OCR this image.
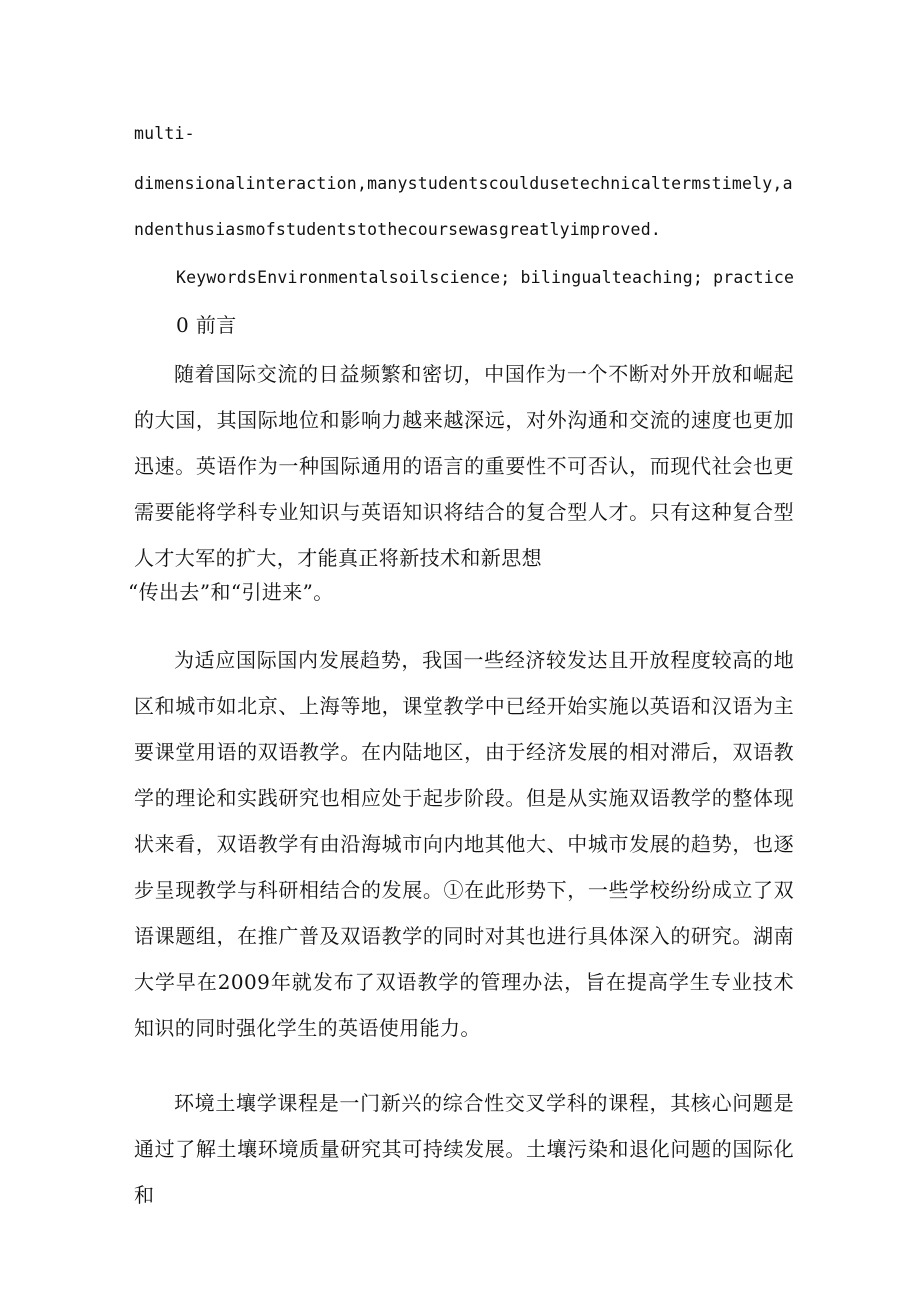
multi-
dimensionalinteraction,manystudentscouldusetechnicaltermstimely,a
ndenthusiasmofstudentstothecoursewasgreatlyimproved.
KeywordsEnvironmentalsoilscience; bilingualteaching; practice
0 前言
随着国际交流的日益频繁和密切，中国作为一个不断对外开放和崛起的大国，其国际地位和影响力越来越深远，对外沟通和交流的速度也更加迅速。英语作为一种国际通用的语言的重要性不可否认，而现代社会也更需要能将学科专业知识与英语知识将结合的复合型人才。只有这种复合型人才大军的扩大，才能真正将新技术和新思想
“传出去”和“引进来”。
为适应国际国内发展趋势，我国一些经济较发达且开放程度较高的地区和城市如北京、上海等地，课堂教学中已经开始实施以英语和汉语为主要课堂用语的双语教学。在内陆地区，由于经济发展的相对滞后，双语教学的理论和实践研究也相应处于起步阶段。但是从实施双语教学的整体现状来看，双语教学有由沿海城市向内地其他大、中城市发展的趋势，也逐步呈现教学与科研相结合的发展。①在此形势下，一些学校纷纷成立了双语课题组，在推广普及双语教学的同时对其也进行具体深入的研究。湖南大学早在2009年就发布了双语教学的管理办法，旨在提高学生专业技术知识的同时强化学生的英语使用能力。
环境土壤学课程是一门新兴的综合性交叉学科的课程，其核心问题是通过了解土壤环境质量研究其可持续发展。土壤污染和退化问题的国际化和
